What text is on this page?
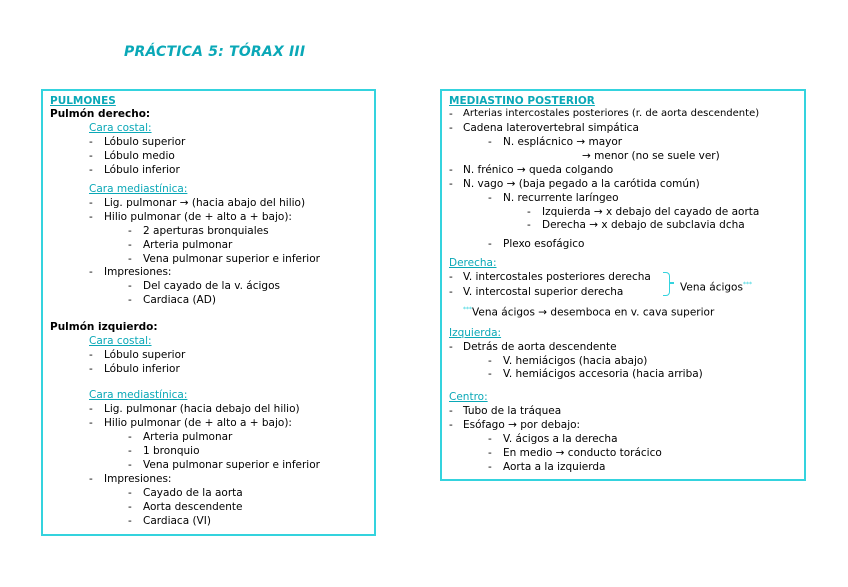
PRÁCTICA 5: TÓRAX III
PULMONES
Pulmón derecho:
Cara costal:
- Lóbulo superior
- Lóbulo medio
- Lóbulo inferior
Cara mediastínica:
- Lig. pulmonar → (hacia abajo del hilio)
- Hilio pulmonar (de + alto a + bajo):
- 2 aperturas bronquiales
- Arteria pulmonar
- Vena pulmonar superior e inferior
- Impresiones:
- Del cayado de la v. ácigos
- Cardiaca (AD)
Pulmón izquierdo:
Cara costal:
- Lóbulo superior
- Lóbulo inferior
Cara mediastínica:
- Lig. pulmonar (hacia debajo del hilio)
- Hilio pulmonar (de + alto a + bajo):
- Arteria pulmonar
- 1 bronquio
- Vena pulmonar superior e inferior
- Impresiones:
- Cayado de la aorta
- Aorta descendente
- Cardiaca (VI)
MEDIASTINO POSTERIOR
- Arterias intercostales posteriores (r. de aorta descendente)
- Cadena laterovertebral simpática
- N. esplácnico → mayor
→ menor (no se suele ver)
- N. frénico → queda colgando
- N. vago → (baja pegado a la carótida común)
- N. recurrente laríngeo
- Izquierda → x debajo del cayado de aorta
- Derecha → x debajo de subclavia dcha
- Plexo esofágico
Derecha:
- V. intercostales posteriores derecha
- V. intercostal superior derecha	Vena ácigos***
***Vena ácigos → desemboca en v. cava superior
Izquierda:
- Detrás de aorta descendente
- V. hemiácigos (hacia abajo)
- V. hemiácigos accesoria (hacia arriba)
Centro:
- Tubo de la tráquea
- Esófago → por debajo:
- V. ácigos a la derecha
- En medio → conducto torácico
- Aorta a la izquierda
